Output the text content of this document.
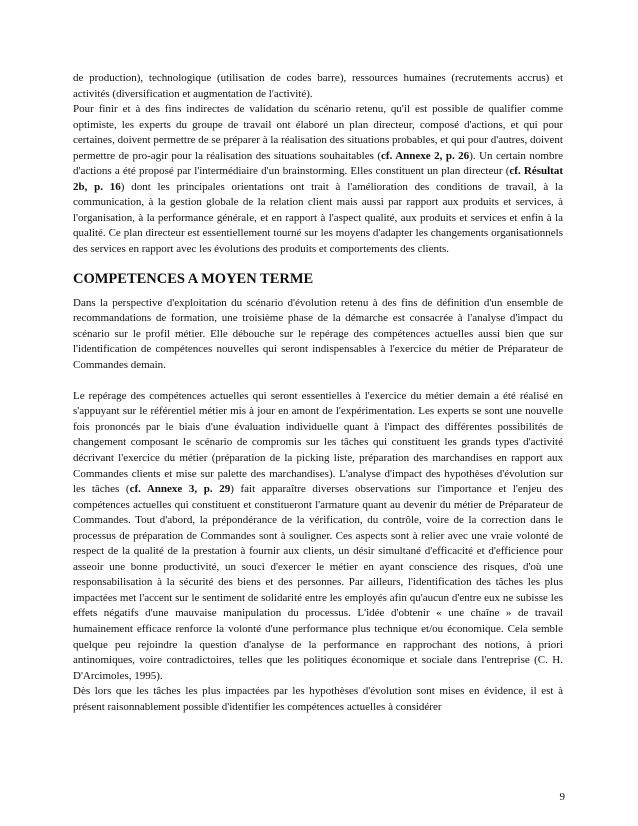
de production), technologique (utilisation de codes barre), ressources humaines (recrutements accrus) et activités (diversification et augmentation de l'activité).

Pour finir et à des fins indirectes de validation du scénario retenu, qu'il est possible de qualifier comme optimiste, les experts du groupe de travail ont élaboré un plan directeur, composé d'actions, et qui pour certaines, doivent permettre de se préparer à la réalisation des situations probables, et qui pour d'autres, doivent permettre de pro-agir pour la réalisation des situations souhaitables (cf. Annexe 2, p. 26). Un certain nombre d'actions a été proposé par l'intermédiaire d'un brainstorming. Elles constituent un plan directeur (cf. Résultat 2b, p. 16) dont les principales orientations ont trait à l'amélioration des conditions de travail, à la communication, à la gestion globale de la relation client mais aussi par rapport aux produits et services, à l'organisation, à la performance générale, et en rapport à l'aspect qualité, aux produits et services et enfin à la qualité. Ce plan directeur est essentiellement tourné sur les moyens d'adapter les changements organisationnels des services en rapport avec les évolutions des produits et comportements des clients.

COMPETENCES A MOYEN TERME

Dans la perspective d'exploitation du scénario d'évolution retenu à des fins de définition d'un ensemble de recommandations de formation, une troisième phase de la démarche est consacrée à l'analyse d'impact du scénario sur le profil métier. Elle débouche sur le repérage des compétences actuelles aussi bien que sur l'identification de compétences nouvelles qui seront indispensables à l'exercice du métier de Préparateur de Commandes demain.

Le repérage des compétences actuelles qui seront essentielles à l'exercice du métier demain a été réalisé en s'appuyant sur le référentiel métier mis à jour en amont de l'expérimentation. Les experts se sont une nouvelle fois prononcés par le biais d'une évaluation individuelle quant à l'impact des différentes possibilités de changement composant le scénario de compromis sur les tâches qui constituent les grands types d'activité décrivant l'exercice du métier (préparation de la picking liste, préparation des marchandises en rapport aux Commandes clients et mise sur palette des marchandises). L'analyse d'impact des hypothèses d'évolution sur les tâches (cf. Annexe 3, p. 29) fait apparaître diverses observations sur l'importance et l'enjeu des compétences actuelles qui constituent et constitueront l'armature quant au devenir du métier de Préparateur de Commandes. Tout d'abord, la prépondérance de la vérification, du contrôle, voire de la correction dans le processus de préparation de Commandes sont à souligner. Ces aspects sont à relier avec une vraie volonté de respect de la qualité de la prestation à fournir aux clients, un désir simultané d'efficacité et d'efficience pour asseoir une bonne productivité, un souci d'exercer le métier en ayant conscience des risques, d'où une responsabilisation à la sécurité des biens et des personnes. Par ailleurs, l'identification des tâches les plus impactées met l'accent sur le sentiment de solidarité entre les employés afin qu'aucun d'entre eux ne subisse les effets négatifs d'une mauvaise manipulation du processus. L'idée d'obtenir « une chaîne » de travail humainement efficace renforce la volonté d'une performance plus technique et/ou économique. Cela semble quelque peu rejoindre la question d'analyse de la performance en rapprochant des notions, à priori antinomiques, voire contradictoires, telles que les politiques économique et sociale dans l'entreprise (C. H. D'Arcimoles, 1995).

Dès lors que les tâches les plus impactées par les hypothèses d'évolution sont mises en évidence, il est à présent raisonnablement possible d'identifier les compétences actuelles à considérer

9
